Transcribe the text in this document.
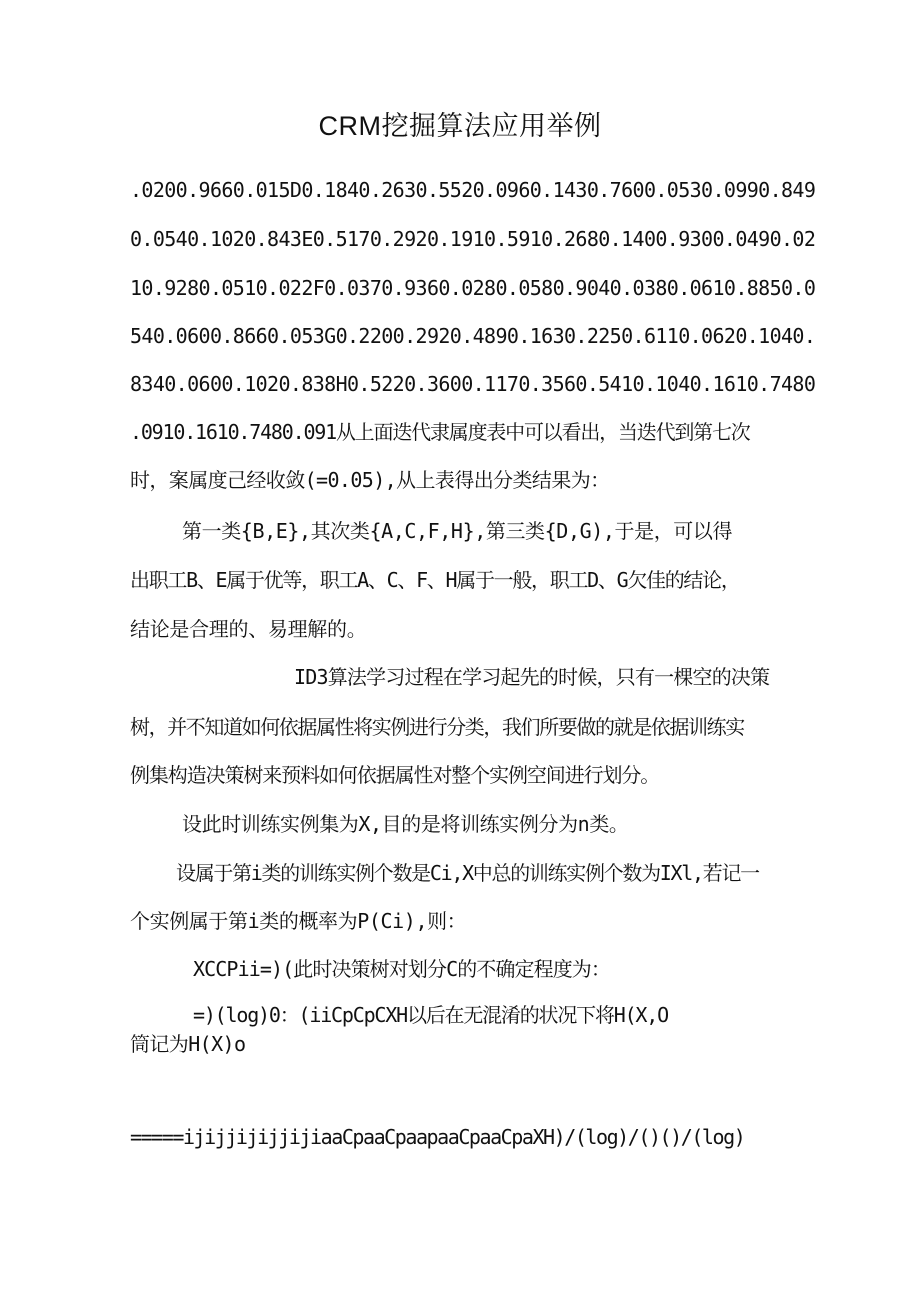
CRM挖掘算法应用举例
.0200.9660.015D0.1840.2630.5520.0960.1430.7600.0530.0990.849
0.0540.1020.843E0.5170.2920.1910.5910.2680.1400.9300.0490.02
10.9280.0510.022F0.0370.9360.0280.0580.9040.0380.0610.8850.0
540.0600.8660.053G0.2200.2920.4890.1630.2250.6110.0620.1040.
8340.0600.1020.838H0.5220.3600.1170.3560.5410.1040.1610.7480
.0910.1610.7480.091从上面迭代隶属度表中可以看出，当迭代到第七次
时，案属度己经收敛(=0.05),从上表得出分类结果为：
第一类{B,E},其次类{A,C,F,H},第三类{D,G),于是，可以得
出职工B、E属于优等，职工A、C、F、H属于一般，职工D、G欠佳的结论，
结论是合理的、易理解的。
ID3算法学习过程在学习起先的时候，只有一棵空的决策
树，并不知道如何依据属性将实例进行分类，我们所要做的就是依据训练实
例集构造决策树来预料如何依据属性对整个实例空间进行划分。
设此时训练实例集为X,目的是将训练实例分为n类。
设属于第i类的训练实例个数是Ci,X中总的训练实例个数为IXl,若记一
个实例属于第i类的概率为P(Ci),则：
XCCPii=)(此时决策树对划分C的不确定程度为：
=)(log)0：(iiCpCpCXH以后在无混淆的状况下将H(X,O
筒记为H(X)o
=====ijijjijijjijiaaCpaaCpaapaaCpaaCpaXH)/(log)/()()/(log)
